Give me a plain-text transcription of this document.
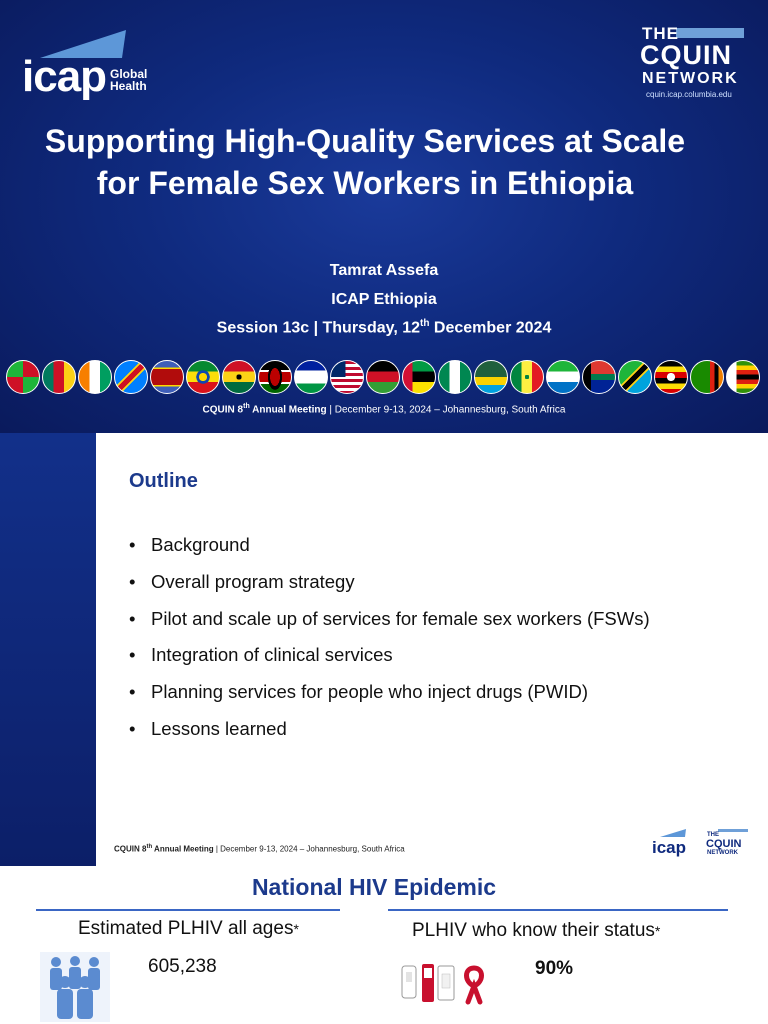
icap Global Health
THE
CQUIN
NETWORK
cquin.icap.columbia.edu
Supporting High-Quality Services at Scale for Female Sex Workers in Ethiopia
Tamrat Assefa
ICAP Ethiopia
Session 13c | Thursday, 12th December 2024
CQUIN 8th Annual Meeting | December 9-13, 2024 – Johannesburg, South Africa
Outline
• Background
• Overall program strategy
• Pilot and scale up of services for female sex workers (FSWs)
• Integration of clinical services
• Planning services for people who inject drugs (PWID)
• Lessons learned
CQUIN 8th Annual Meeting | December 9-13, 2024 – Johannesburg, South Africa	icap
THE
CQUIN
NETWORK
National HIV Epidemic
Estimated PLHIV all ages*	PLHIV who know their status*
605,238	90%
